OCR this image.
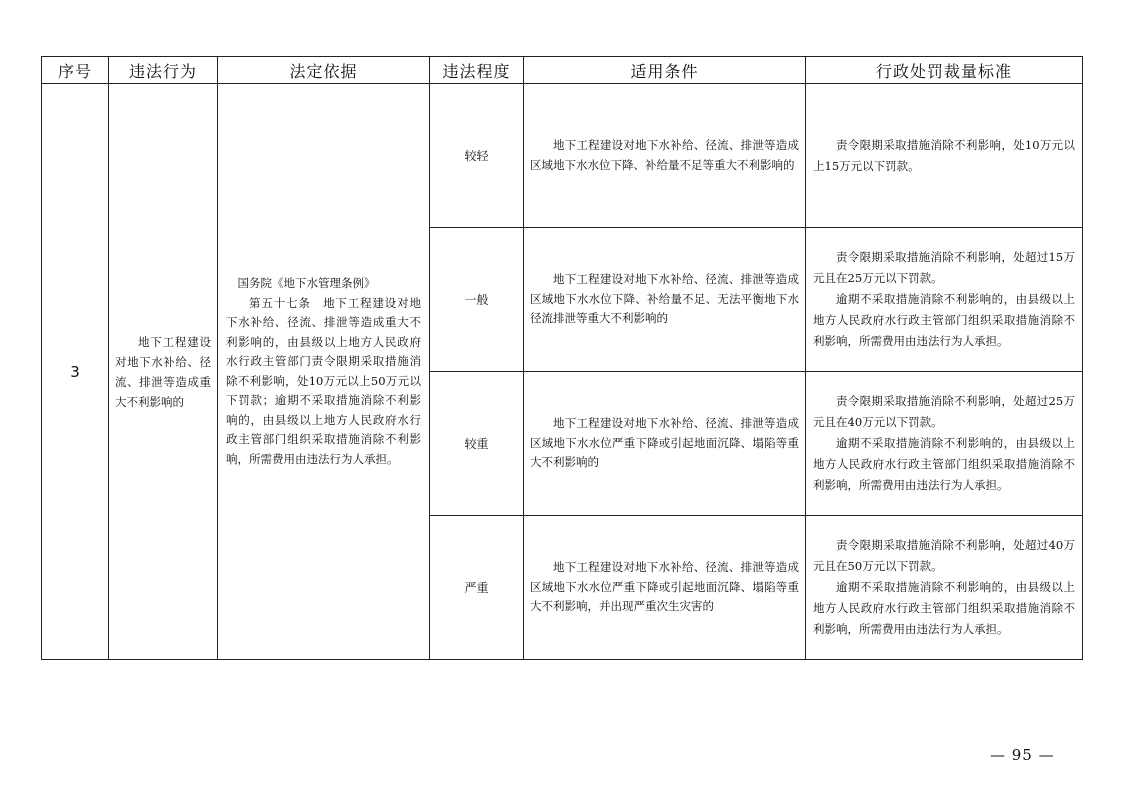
序号	违法行为	法定依据	违法程度	适用条件	行政处罚裁量标准
3	地下工程建设对地下水补给、径流、排泄等造成重大不利影响的	国务院《地下水管理条例》
第五十七条　地下工程建设对地下水补给、径流、排泄等造成重大不利影响的，由县级以上地方人民政府水行政主管部门责令限期采取措施消除不利影响，处10万元以上50万元以下罚款；逾期不采取措施消除不利影响的，由县级以上地方人民政府水行政主管部门组织采取措施消除不利影响，所需费用由违法行为人承担。	较轻	地下工程建设对地下水补给、径流、排泄等造成区域地下水水位下降、补给量不足等重大不利影响的	责令限期采取措施消除不利影响，处10万元以上15万元以下罚款。

			一般	地下工程建设对地下水补给、径流、排泄等造成区域地下水水位下降、补给量不足、无法平衡地下水径流排泄等重大不利影响的	责令限期采取措施消除不利影响，处超过15万元且在25万元以下罚款。
逾期不采取措施消除不利影响的，由县级以上地方人民政府水行政主管部门组织采取措施消除不利影响，所需费用由违法行为人承担。

			较重	地下工程建设对地下水补给、径流、排泄等造成区域地下水水位严重下降或引起地面沉降、塌陷等重大不利影响的	责令限期采取措施消除不利影响，处超过25万元且在40万元以下罚款。
逾期不采取措施消除不利影响的，由县级以上地方人民政府水行政主管部门组织采取措施消除不利影响，所需费用由违法行为人承担。

			严重	地下工程建设对地下水补给、径流、排泄等造成区域地下水水位严重下降或引起地面沉降、塌陷等重大不利影响，并出现严重次生灾害的	责令限期采取措施消除不利影响，处超过40万元且在50万元以下罚款。
逾期不采取措施消除不利影响的，由县级以上地方人民政府水行政主管部门组织采取措施消除不利影响，所需费用由违法行为人承担。
— 95 —
